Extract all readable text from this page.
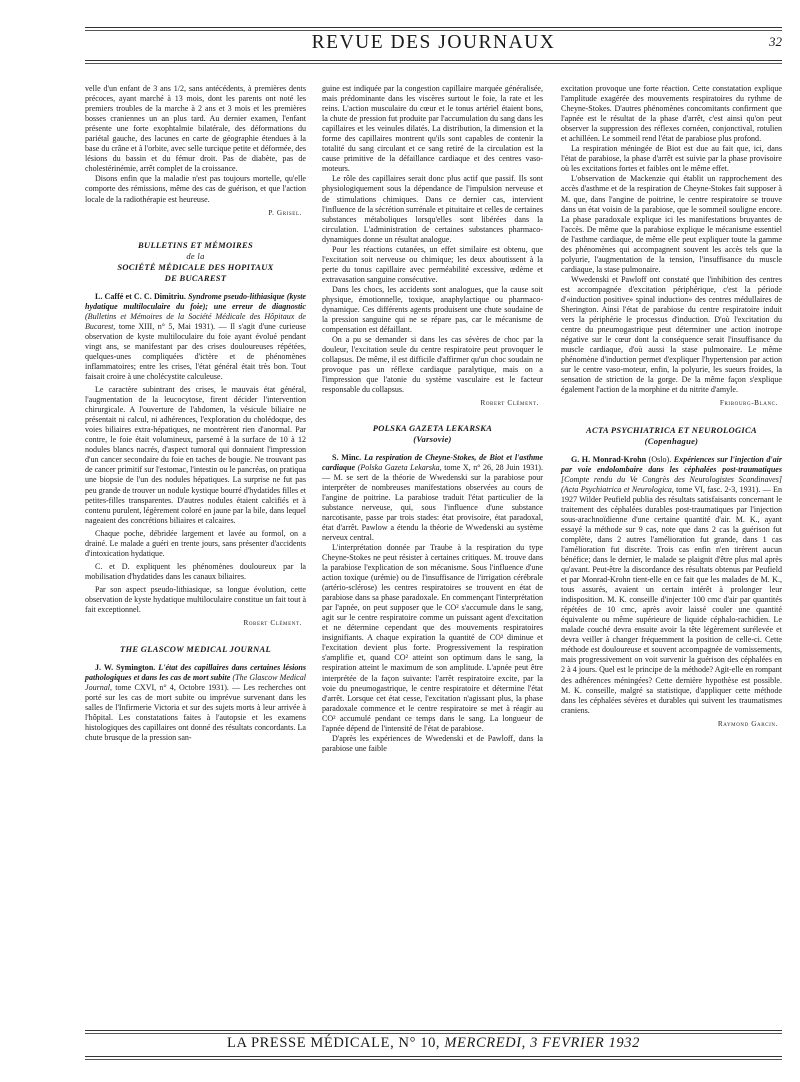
REVUE DES JOURNAUX	32

velle d'un enfant de 3 ans 1/2, sans antécédents, à premières dents précoces, ayant marché à 13 mois, dont les parents ont noté les premiers troubles de la marche à 2 ans et 3 mois et les premières bosses craniennes un an plus tard. Au dernier examen, l'enfant présente une forte exophtalmie bilatérale, des déformations du pariétal gauche, des lacunes en carte de géographie étendues à la base du crâne et à l'orbite, avec selle turcique petite et déformée, des lésions du bassin et du fémur droit. Pas de diabète, pas de cholestérinémie, arrêt complet de la croissance.

Disons enfin que la maladie n'est pas toujours mortelle, qu'elle comporte des rémissions, même des cas de guérison, et que l'action locale de la radiothérapie est heureuse.

P. Grisel.
BULLETINS ET MÉMOIRES
de la
SOCIÉTÉ MÉDICALE DES HOPITAUX
DE BUCAREST

L. Caffé et C. C. Dimitriu. Syndrome pseudo-lithiasique (kyste hydatique multiloculaire du foie); une erreur de diagnostic (Bulletins et Mémoires de la Société Médicale des Hôpitaux de Bucarest, tome XIII, n° 5, Mai 1931). — Il s'agit d'une curieuse observation de kyste multiloculaire du foie ayant évolué pendant vingt ans, se manifestant par des crises douloureuses répétées, quelques-unes compliquées d'ictère et de phénomènes inflammatoires; entre les crises, l'état général était très bon. Tout faisait croire à une cholécystite calculeuse.

Le caractère subintrant des crises, le mauvais état général, l'augmentation de la leucocytose, firent décider l'intervention chirurgicale. A l'ouverture de l'abdomen, la vésicule biliaire ne présentait ni calcul, ni adhérences, l'exploration du cholédoque, des voies biliaires extra-hépatiques, ne montrèrent rien d'anormal. Par contre, le foie était volumineux, parsemé à la surface de 10 à 12 nodules blancs nacrés, d'aspect tumoral qui donnaient l'impression d'un cancer secondaire du foie en taches de bougie. Ne trouvant pas de cancer primitif sur l'estomac, l'intestin ou le pancréas, on pratiqua une biopsie de l'un des nodules hépatiques. La surprise ne fut pas peu grande de trouver un nodule kystique bourré d'hydatides filles et petites-filles transparentes. D'autres nodules étaient calcifiés et à contenu purulent, légèrement coloré en jaune par la bile, dans lequel nageaient des concrétions biliaires et calcaires.

Chaque poche, débridée largement et lavée au formol, on a drainé. Le malade a guéri en trente jours, sans présenter d'accidents d'intoxication hydatique.

C. et D. expliquent les phénomènes douloureux par la mobilisation d'hydatides dans les canaux biliaires.

Par son aspect pseudo-lithiasique, sa longue évolution, cette observation de kyste hydatique multiloculaire constitue un fait tout à fait exceptionnel.

Robert Clément.
THE GLASCOW MEDICAL JOURNAL

J. W. Symington. L'état des capillaires dans certaines lésions pathologiques et dans les cas de mort subite (The Glascow Medical Journal, tome CXVI, n° 4, Octobre 1931). — Les recherches ont porté sur les cas de mort subite ou imprévue survenant dans les salles de l'Infirmerie Victoria et sur des sujets morts à leur arrivée à l'hôpital. Les constatations faites à l'autopsie et les examens histologiques des capillaires ont donné des résultats concordants. La chute brusque de la pression san-

guine est indiquée par la congestion capillaire marquée généralisée, mais prédominante dans les viscères surtout le foie, la rate et les reins. L'action musculaire du cœur et le tonus artériel étaient bons, la chute de pression fut produite par l'accumulation du sang dans les capillaires et les veinules dilatés. La distribution, la dimension et la forme des capillaires montrent qu'ils sont capables de contenir la totalité du sang circulant et ce sang retiré de la circulation est la cause primitive de la défaillance cardiaque et des centres vaso-moteurs.

Le rôle des capillaires serait donc plus actif que passif. Ils sont physiologiquement sous la dépendance de l'impulsion nerveuse et de stimulations chimiques. Dans ce dernier cas, intervient l'influence de la sécrétion surrénale et pituitaire et celles de certaines substances métaboliques lorsqu'elles sont libérées dans la circulation. L'administration de certaines substances pharmaco-dynamiques donne un résultat analogue.

Pour les réactions cutanées, un effet similaire est obtenu, que l'excitation soit nerveuse ou chimique; les deux aboutissent à la perte du tonus capillaire avec perméabilité excessive, œdème et extravasation sanguine consécutive.

Dans les chocs, les accidents sont analogues, que la cause soit physique, émotionnelle, toxique, anaphylactique ou pharmaco-dynamique. Ces différents agents produisent une chute soudaine de la pression sanguine qui ne se répare pas, car le mécanisme de compensation est défaillant.

On a pu se demander si dans les cas sévères de choc par la douleur, l'excitation seule du centre respiratoire peut provoquer le collapsus. De même, il est difficile d'affirmer qu'un choc soudain ne provoque pas un réflexe cardiaque paralytique, mais on a l'impression que l'atonie du système vasculaire est le facteur responsable du collapsus.

Robert Clément.
POLSKA GAZETA LEKARSKA
(Varsovie)

S. Minc. La respiration de Cheyne-Stokes, de Biot et l'asthme cardiaque (Polska Gazeta Lekarska, tome X, n° 26, 28 Juin 1931). — M. se sert de la théorie de Wwedenski sur la parabiose pour interpréter de nombreuses manifestations observées au cours de l'angine de poitrine. La parabiose traduit l'état particulier de la substance nerveuse, qui, sous l'influence d'une substance narcotisante, passe par trois stades: état provisoire, état paradoxal, état d'arrêt. Pawlow a étendu la théorie de Wwedenski au système nerveux central.

L'interprétation donnée par Traube à la respiration du type Cheyne-Stokes ne peut résister à certaines critiques. M. trouve dans la parabiose l'explication de son mécanisme. Sous l'influence d'une action toxique (urémie) ou de l'insuffisance de l'irrigation cérébrale (artério-sclérose) les centres respiratoires se trouvent en état de parabiose dans sa phase paradoxale. En commençant l'interprétation par l'apnée, on peut supposer que le CO² s'accumule dans le sang, agit sur le centre respiratoire comme un puissant agent d'excitation et ne détermine cependant que des mouvements respiratoires insignifiants. A chaque expiration la quantité de CO² diminue et l'excitation devient plus forte. Progressivement la respiration s'amplifie et, quand CO² atteint son optimum dans le sang, la respiration atteint le maximum de son amplitude. L'apnée peut être interprétée de la façon suivante: l'arrêt respiratoire excite, par la voie du pneumogastrique, le centre respiratoire et détermine l'état d'arrêt. Lorsque cet état cesse, l'excitation n'agissant plus, la phase paradoxale commence et le centre respiratoire se met à réagir au CO² accumulé pendant ce temps dans le sang. La longueur de l'apnée dépend de l'intensité de l'état de parabiose.

D'après les expériences de Wwedenski et de Pawloff, dans la parabiose une faible

excitation provoque une forte réaction. Cette constatation explique l'amplitude exagérée des mouvements respiratoires du rythme de Cheyne-Stokes. D'autres phénomènes concomitants confirment que l'apnée est le résultat de la phase d'arrêt, c'est ainsi qu'on peut observer la suppression des réflexes cornéen, conjonctival, rotulien et achilléen. Le sommeil rend l'état de parabiose plus profond.

La respiration méningée de Biot est due au fait que, ici, dans l'état de parabiose, la phase d'arrêt est suivie par la phase provisoire où les excitations fortes et faibles ont le même effet.

L'observation de Mackenzie qui établit un rapprochement des accès d'asthme et de la respiration de Cheyne-Stokes fait supposer à M. que, dans l'angine de poitrine, le centre respiratoire se trouve dans un état voisin de la parabiose, que le sommeil souligne encore. La phase paradoxale explique ici les manifestations bruyantes de l'accès. De même que la parabiose explique le mécanisme essentiel de l'asthme cardiaque, de même elle peut expliquer toute la gamme des phénomènes qui accompagnent souvent les accès tels que la polyurie, l'augmentation de la tension, l'insuffisance du muscle cardiaque, la stase pulmonaire.

Wwedenski et Pawloff ont constaté que l'inhibition des centres est accompagnée d'excitation périphérique, c'est la période d'«induction positive» spinal induction» des centres médullaires de Sherington. Ainsi l'état de parabiose du centre respiratoire induit vers la périphérie le processus d'induction. D'où l'excitation du centre du pneumogastrique peut déterminer une action inotrope négative sur le cœur dont la conséquence serait l'insuffisance du muscle cardiaque, d'où aussi la stase pulmonaire. Le même phénomène d'induction permet d'expliquer l'hypertension par action sur le centre vaso-moteur, enfin, la polyurie, les sueurs froides, la sensation de striction de la gorge. De la même façon s'explique également l'action de la morphine et du nitrite d'amyle.

Fribourg-Blanc.
ACTA PSYCHIATRICA ET NEUROLOGICA
(Copenhague)

G. H. Monrad-Krohn (Oslo). Expériences sur l'injection d'air par voie endolombaire dans les céphalées post-traumatiques [Compte rendu du Ve Congrès des Neurologistes Scandinaves] (Acta Psychiatrica et Neurologica, tome VI, fasc. 2-3, 1931). — En 1927 Wilder Peufield publia des résultats satisfaisants concernant le traitement des céphalées durables post-traumatiques par l'injection sous-arachnoïdienne d'une certaine quantité d'air. M. K., ayant essayé la méthode sur 9 cas, note que dans 2 cas la guérison fut complète, dans 2 autres l'amélioration fut grande, dans 1 cas l'amélioration fut discrète. Trois cas enfin n'en tirèrent aucun bénéfice; dans le dernier, le malade se plaignit d'être plus mal après qu'avant. Peut-être la discordance des résultats obtenus par Peufield et par Monrad-Krohn tient-elle en ce fait que les malades de M. K., tous assurés, avaient un certain intérêt à prolonger leur indisposition. M. K. conseille d'injecter 100 cmc d'air par quantités répétées de 10 cmc, après avoir laissé couler une quantité équivalente ou même supérieure de liquide céphalo-rachidien. Le malade couché devra ensuite avoir la tête légèrement surélevée et devra veiller à changer fréquemment la position de celle-ci. Cette méthode est douloureuse et souvent accompagnée de vomissements, mais progressivement on voit survenir la guérison des céphalées en 2 à 4 jours. Quel est le principe de la méthode? Agit-elle en rompant des adhérences méningées? Cette dernière hypothèse est possible. M. K. conseille, malgré sa statistique, d'appliquer cette méthode dans les céphalées sévères et durables qui suivent les traumatismes craniens.

Raymond Garcin.
LA PRESSE MÉDICALE, N° 10, MERCREDI, 3 FEVRIER 1932
